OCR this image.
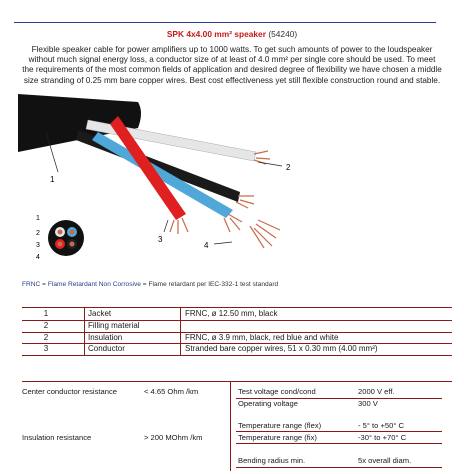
SPK 4x4.00 mm² speaker (54240)
Flexible speaker cable for power amplifiers up to 1000 watts. To get such amounts of power to the loudspeaker without much signal energy loss, a conductor size of at least of 4.0 mm² per single core should be used. To meet the requirements of the most common fields of application and desired degree of flexibility we have chosen a middle size stranding of 0.25 mm bare copper wires. Best cost effectiveness yet still flexible construction round and stable.
1
2
3
4
1
2
3
4
FRNC = Flame Retardant Non Corrosive = Flame retardant per IEC-332-1 test standard
1	Jacket	FRNC, ø 12.50 mm, black
2	Filling material
2	Insulation	FRNC, ø 3.9 mm, black, red blue and white
3	Conductor	Stranded bare copper wires, 51 x 0.30 mm (4.00 mm²)
Center conductor resistance	< 4.65 Ohm /km
Insulation resistance	> 200 MOhm /km
Test voltage cond/cond	2000 V eff.
Operating voltage	300 V
Temperature range (flex)	- 5° to +50° C
Temperature range (fix)	-30° to +70° C
Bending radius min.	5x overall diam.
